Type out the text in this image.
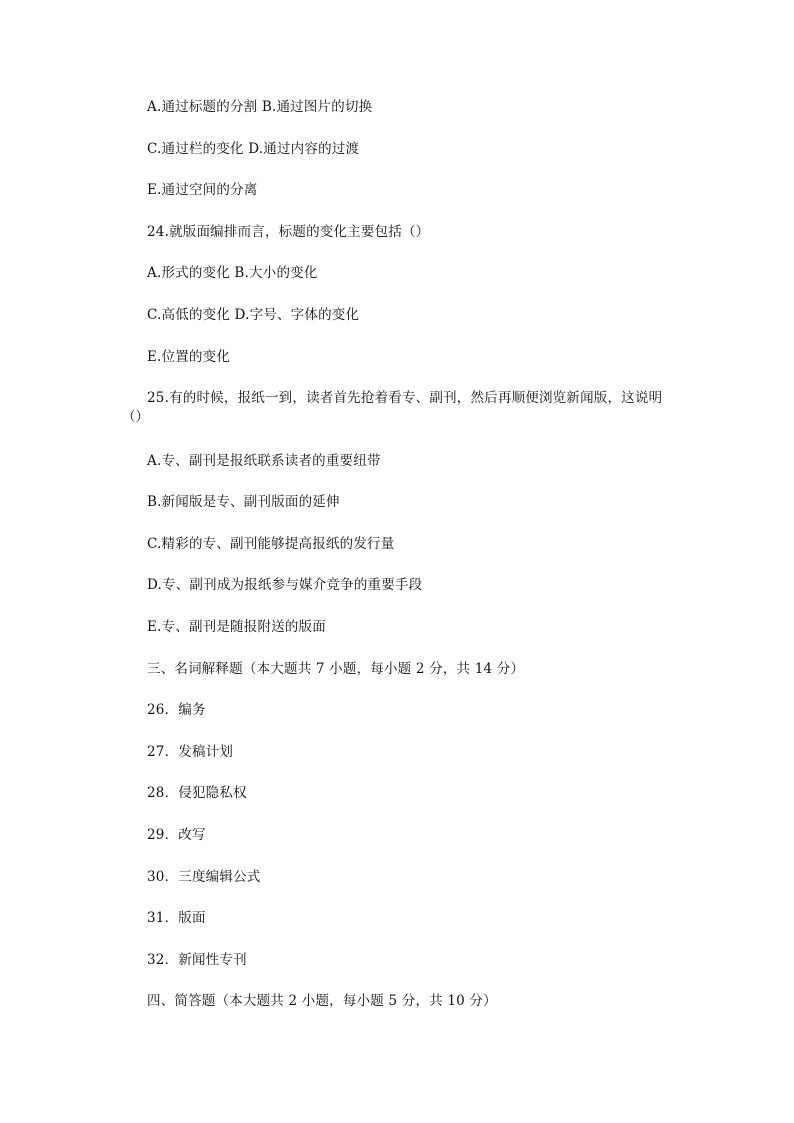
A.通过标题的分割 B.通过图片的切换
C.通过栏的变化 D.通过内容的过渡
E.通过空间的分离
24.就版面编排而言，标题的变化主要包括（）
A.形式的变化 B.大小的变化
C.高低的变化 D.字号、字体的变化
E.位置的变化
25.有的时候，报纸一到，读者首先抢着看专、副刊，然后再顺便浏览新闻版，这说明
（）
A.专、副刊是报纸联系读者的重要纽带
B.新闻版是专、副刊版面的延伸
C.精彩的专、副刊能够提高报纸的发行量
D.专、副刊成为报纸参与媒介竞争的重要手段
E.专、副刊是随报附送的版面
三、名词解释题（本大题共 7 小题，每小题 2 分，共 14 分）
26．编务
27．发稿计划
28．侵犯隐私权
29．改写
30．三度编辑公式
31．版面
32．新闻性专刊
四、简答题（本大题共 2 小题，每小题 5 分，共 10 分）
